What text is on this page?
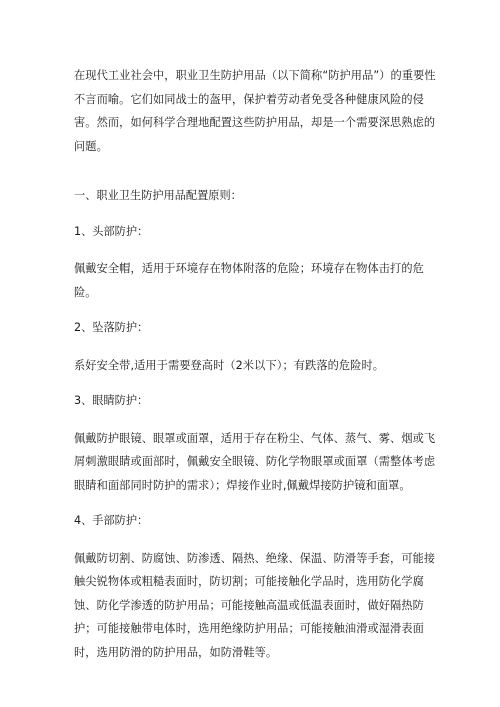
在现代工业社会中，职业卫生防护用品（以下简称“防护用品”）的重要性不言而喻。它们如同战士的盔甲，保护着劳动者免受各种健康风险的侵害。然而，如何科学合理地配置这些防护用品，却是一个需要深思熟虑的问题。

一、职业卫生防护用品配置原则：

1、头部防护：

佩戴安全帽，适用于环境存在物体附落的危险；环境存在物体击打的危险。

2、坠落防护：

系好安全带,适用于需要登高时（2米以下）；有跌落的危险时。

3、眼睛防护：

佩戴防护眼镜、眼罩或面罩，适用于存在粉尘、气体、蒸气、雾、烟或飞屑刺激眼睛或面部时，佩戴安全眼镜、防化学物眼罩或面罩（需整体考虑眼睛和面部同时防护的需求）；焊接作业时,佩戴焊接防护镜和面罩。

4、手部防护：

佩戴防切割、防腐蚀、防渗透、隔热、绝缘、保温、防滑等手套，可能接触尖锐物体或粗糙表面时，防切割；可能接触化学品时，选用防化学腐蚀、防化学渗透的防护用品；可能接触高温或低温表面时，做好隔热防护；可能接触带电体时，选用绝缘防护用品；可能接触油滑或湿滑表面时，选用防滑的防护用品，如防滑鞋等。
